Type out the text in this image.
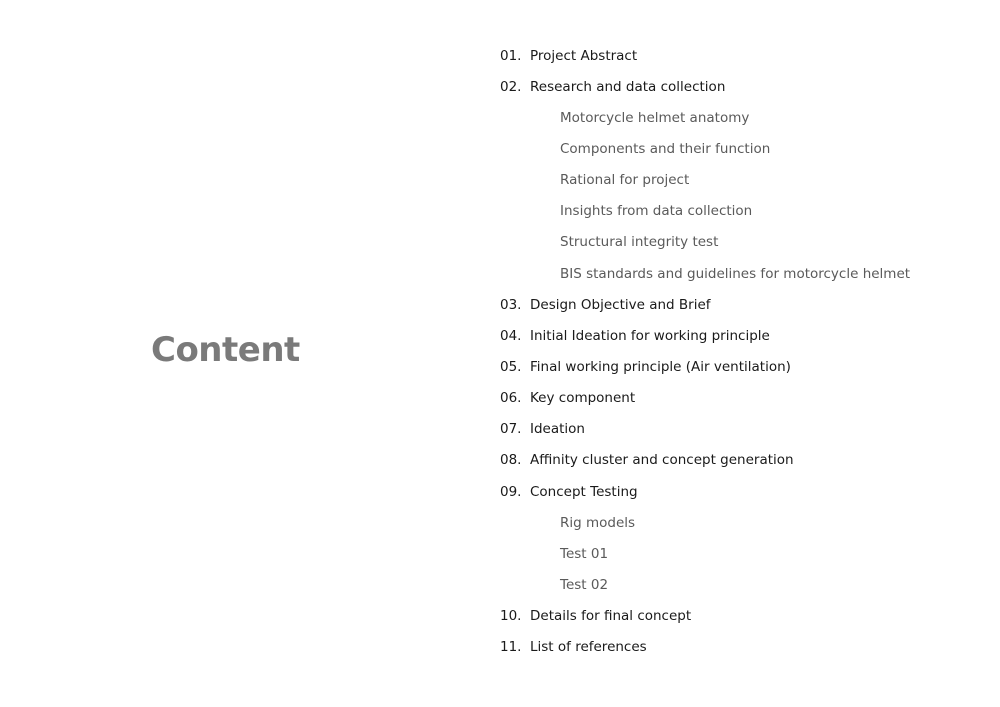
Content
01. Project Abstract
02. Research and data collection
Motorcycle helmet anatomy
Components and their function
Rational for project
Insights from data collection
Structural integrity test
BIS standards and guidelines for motorcycle helmet
03. Design Objective and Brief
04. Initial Ideation for working principle
05. Final working principle (Air ventilation)
06. Key component
07. Ideation
08. Affinity cluster and concept generation
09. Concept Testing
Rig models
Test 01
Test 02
10. Details for final concept
11. List of references
